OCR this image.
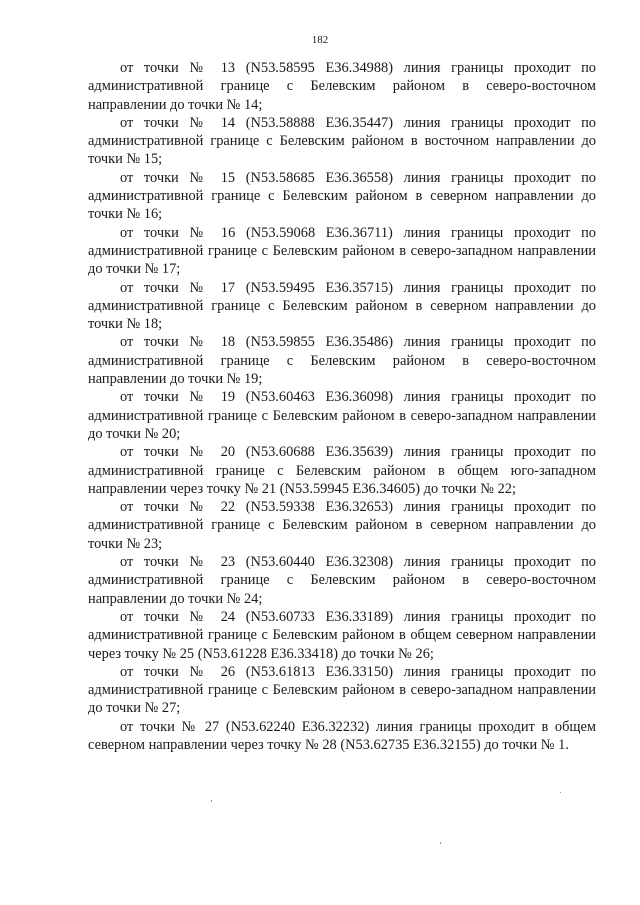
182

от точки № 13 (N53.58595 E36.34988) линия границы проходит по административной границе с Белевским районом в северо-восточном направлении до точки № 14;

от точки № 14 (N53.58888 E36.35447) линия границы проходит по административной границе с Белевским районом в восточном направлении до точки № 15;

от точки № 15 (N53.58685 E36.36558) линия границы проходит по административной границе с Белевским районом в северном направлении до точки № 16;

от точки № 16 (N53.59068 E36.36711) линия границы проходит по административной границе с Белевским районом в северо-западном направлении до точки № 17;

от точки № 17 (N53.59495 E36.35715) линия границы проходит по административной границе с Белевским районом в северном направлении до точки № 18;

от точки № 18 (N53.59855 E36.35486) линия границы проходит по административной границе с Белевским районом в северо-восточном направлении до точки № 19;

от точки № 19 (N53.60463 E36.36098) линия границы проходит по административной границе с Белевским районом в северо-западном направлении до точки № 20;

от точки № 20 (N53.60688 E36.35639) линия границы проходит по административной границе с Белевским районом в общем юго-западном направлении через точку № 21 (N53.59945 E36.34605) до точки № 22;

от точки № 22 (N53.59338 E36.32653) линия границы проходит по административной границе с Белевским районом в северном направлении до точки № 23;

от точки № 23 (N53.60440 E36.32308) линия границы проходит по административной границе с Белевским районом в северо-восточном направлении до точки № 24;

от точки № 24 (N53.60733 E36.33189) линия границы проходит по административной границе с Белевским районом в общем северном направлении через точку № 25 (N53.61228 E36.33418) до точки № 26;

от точки № 26 (N53.61813 E36.33150) линия границы проходит по административной границе с Белевским районом в северо-западном направлении до точки № 27;

от точки № 27 (N53.62240 E36.32232) линия границы проходит в общем северном направлении через точку № 28 (N53.62735 E36.32155) до точки № 1.
